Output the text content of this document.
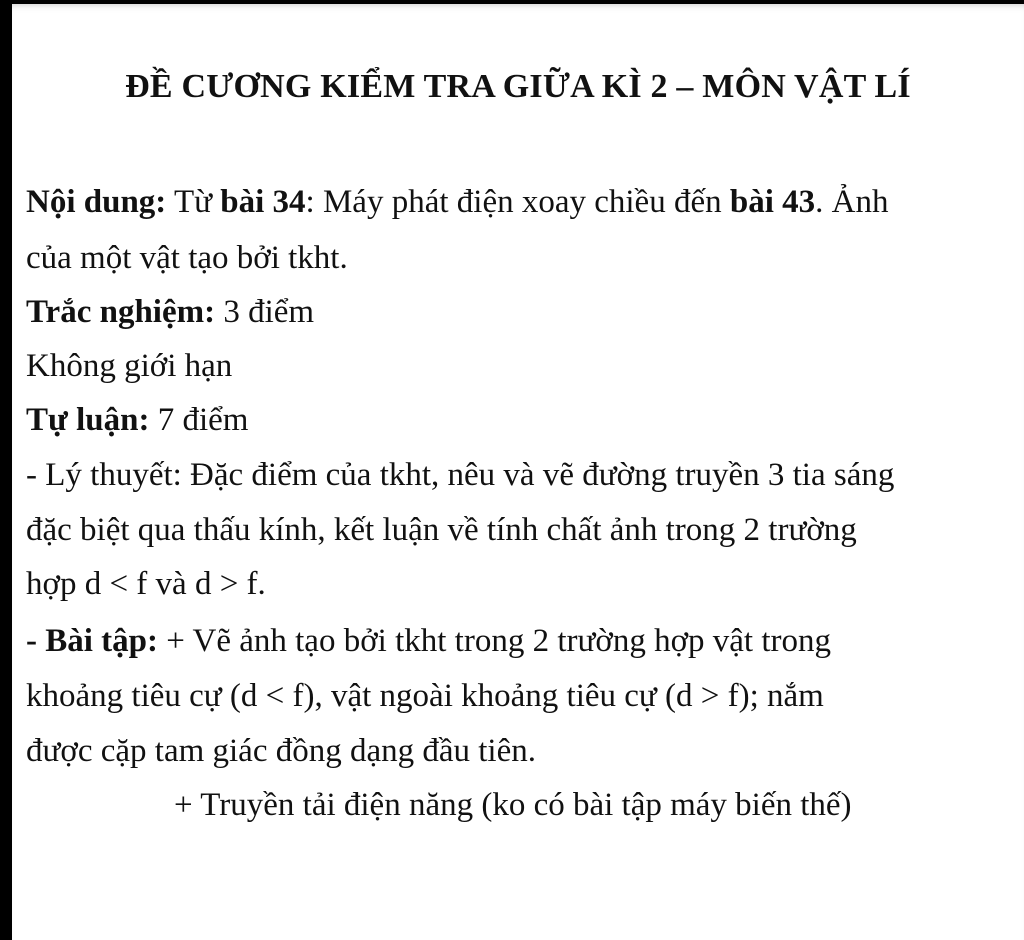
ĐỀ CƯƠNG KIỂM TRA GIỮA KÌ 2 – MÔN VẬT LÍ
Nội dung: Từ bài 34: Máy phát điện xoay chiều đến bài 43. Ảnh
của một vật tạo bởi tkht.
Trắc nghiệm: 3 điểm
Không giới hạn
Tự luận: 7 điểm
- Lý thuyết: Đặc điểm của tkht, nêu và vẽ đường truyền 3 tia sáng
đặc biệt qua thấu kính, kết luận về tính chất ảnh trong 2 trường
hợp d < f và d > f.
- Bài tập: + Vẽ ảnh tạo bởi tkht trong 2 trường hợp vật trong
khoảng tiêu cự (d < f), vật ngoài khoảng tiêu cự (d > f); nắm
được cặp tam giác đồng dạng đầu tiên.
+ Truyền tải điện năng (ko có bài tập máy biến thế)
